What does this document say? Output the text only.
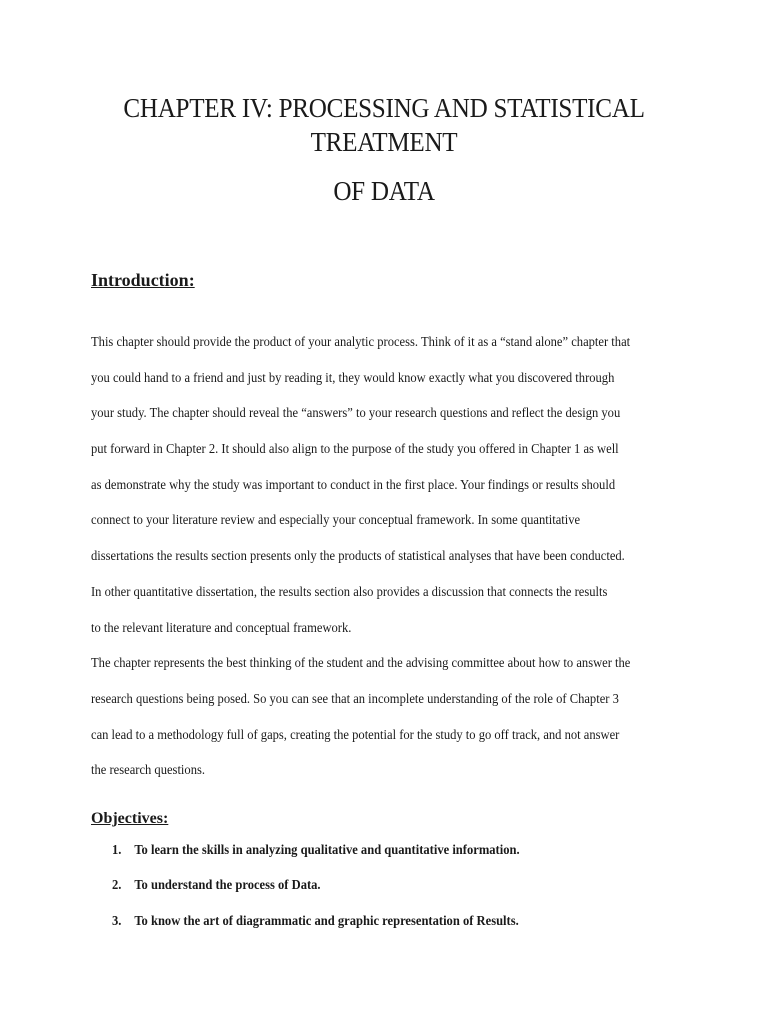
CHAPTER IV: PROCESSING AND STATISTICAL
TREATMENT
OF DATA
Introduction:
This chapter should provide the product of your analytic process. Think of it as a “stand alone” chapter that
you could hand to a friend and just by reading it, they would know exactly what you discovered through
your study. The chapter should reveal the “answers” to your research questions and reflect the design you
put forward in Chapter 2. It should also align to the purpose of the study you offered in Chapter 1 as well
as demonstrate why the study was important to conduct in the first place. Your findings or results should
connect to your literature review and especially your conceptual framework. In some quantitative
dissertations the results section presents only the products of statistical analyses that have been conducted.
In other quantitative dissertation, the results section also provides a discussion that connects the results
to the relevant literature and conceptual framework.
The chapter represents the best thinking of the student and the advising committee about how to answer the
research questions being posed. So you can see that an incomplete understanding of the role of Chapter 3
can lead to a methodology full of gaps, creating the potential for the study to go off track, and not answer
the research questions.
Objectives:
1. To learn the skills in analyzing qualitative and quantitative information.
2. To understand the process of Data.
3. To know the art of diagrammatic and graphic representation of Results.
